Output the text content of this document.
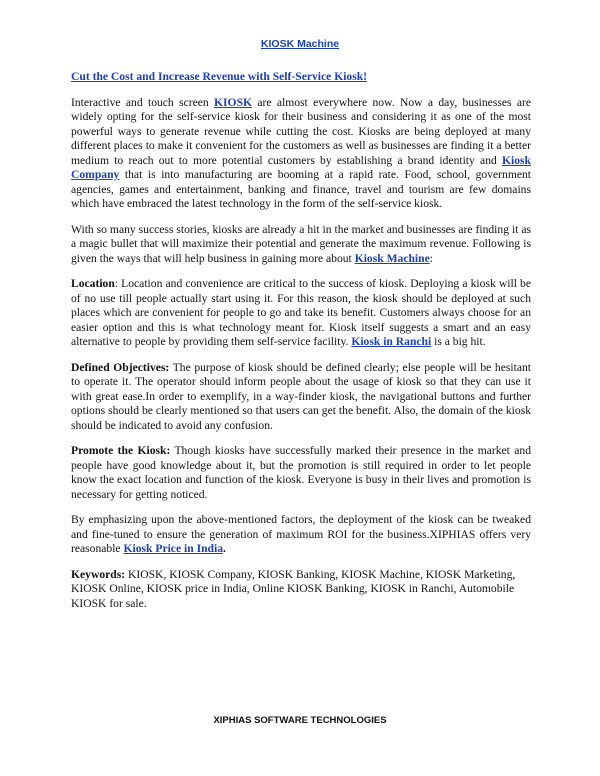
KIOSK Machine
Cut the Cost and Increase Revenue with Self-Service Kiosk!

Interactive and touch screen KIOSK are almost everywhere now. Now a day, businesses are widely opting for the self-service kiosk for their business and considering it as one of the most powerful ways to generate revenue while cutting the cost. Kiosks are being deployed at many different places to make it convenient for the customers as well as businesses are finding it a better medium to reach out to more potential customers by establishing a brand identity and Kiosk Company that is into manufacturing are booming at a rapid rate. Food, school, government agencies, games and entertainment, banking and finance, travel and tourism are few domains which have embraced the latest technology in the form of the self-service kiosk.

With so many success stories, kiosks are already a hit in the market and businesses are finding it as a magic bullet that will maximize their potential and generate the maximum revenue. Following is given the ways that will help business in gaining more about Kiosk Machine:

Location: Location and convenience are critical to the success of kiosk. Deploying a kiosk will be of no use till people actually start using it. For this reason, the kiosk should be deployed at such places which are convenient for people to go and take its benefit. Customers always choose for an easier option and this is what technology meant for. Kiosk itself suggests a smart and an easy alternative to people by providing them self-service facility. Kiosk in Ranchi is a big hit.

Defined Objectives: The purpose of kiosk should be defined clearly; else people will be hesitant to operate it. The operator should inform people about the usage of kiosk so that they can use it with great ease.In order to exemplify, in a way-finder kiosk, the navigational buttons and further options should be clearly mentioned so that users can get the benefit. Also, the domain of the kiosk should be indicated to avoid any confusion.

Promote the Kiosk: Though kiosks have successfully marked their presence in the market and people have good knowledge about it, but the promotion is still required in order to let people know the exact location and function of the kiosk. Everyone is busy in their lives and promotion is necessary for getting noticed.

By emphasizing upon the above-mentioned factors, the deployment of the kiosk can be tweaked and fine-tuned to ensure the generation of maximum ROI for the business.XIPHIAS offers very reasonable Kiosk Price in India.

Keywords: KIOSK, KIOSK Company, KIOSK Banking, KIOSK Machine, KIOSK Marketing, KIOSK Online, KIOSK price in India, Online KIOSK Banking, KIOSK in Ranchi, Automobile KIOSK for sale.

XIPHIAS SOFTWARE TECHNOLOGIES
